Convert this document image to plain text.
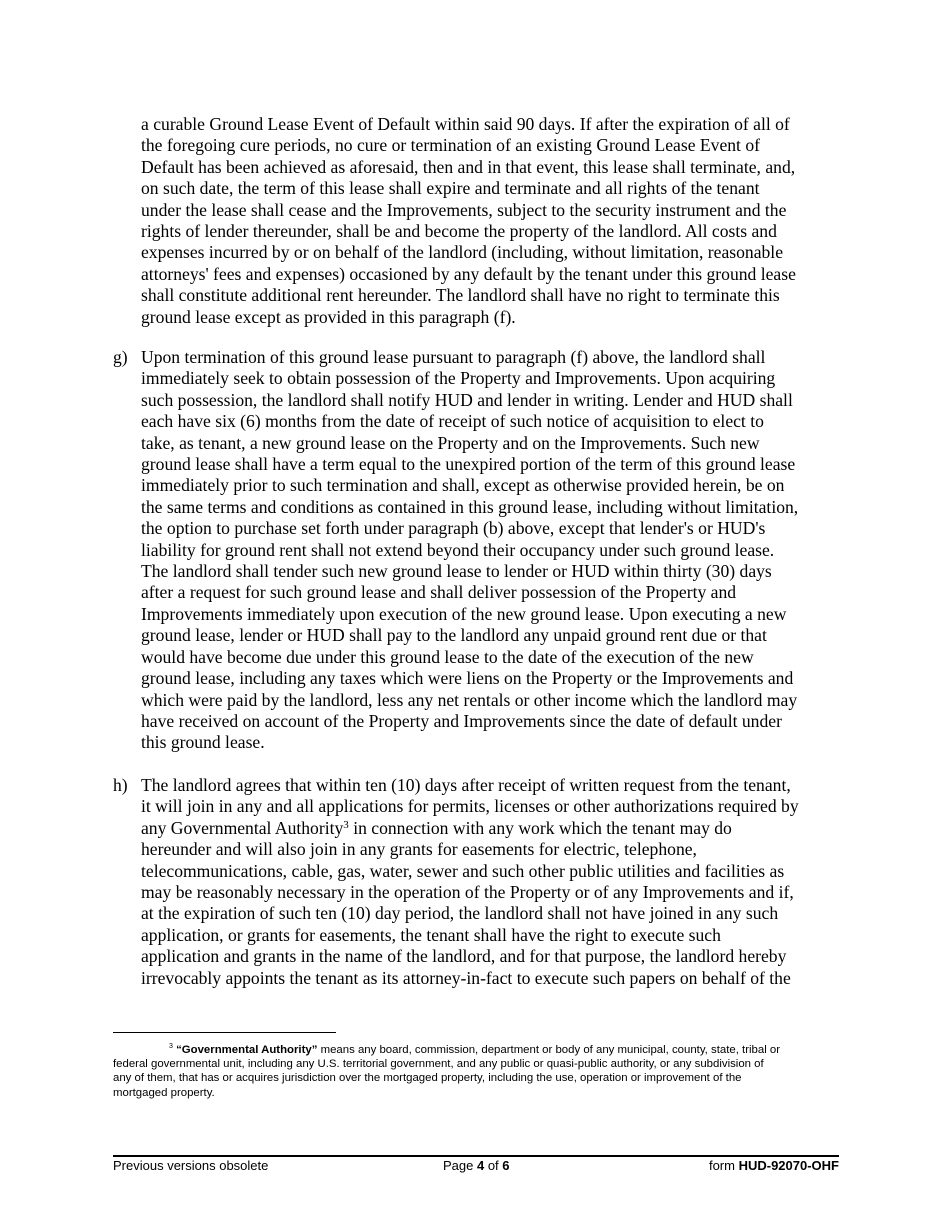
a curable Ground Lease Event of Default within said 90 days. If after the expiration of all of
the foregoing cure periods, no cure or termination of an existing Ground Lease Event of
Default has been achieved as aforesaid, then and in that event, this lease shall terminate, and,
on such date, the term of this lease shall expire and terminate and all rights of the tenant
under the lease shall cease and the Improvements, subject to the security instrument and the
rights of lender thereunder, shall be and become the property of the landlord. All costs and
expenses incurred by or on behalf of the landlord (including, without limitation, reasonable
attorneys' fees and expenses) occasioned by any default by the tenant under this ground lease
shall constitute additional rent hereunder. The landlord shall have no right to terminate this
ground lease except as provided in this paragraph (f).
g) Upon termination of this ground lease pursuant to paragraph (f) above, the landlord shall
immediately seek to obtain possession of the Property and Improvements. Upon acquiring
such possession, the landlord shall notify HUD and lender in writing. Lender and HUD shall
each have six (6) months from the date of receipt of such notice of acquisition to elect to
take, as tenant, a new ground lease on the Property and on the Improvements. Such new
ground lease shall have a term equal to the unexpired portion of the term of this ground lease
immediately prior to such termination and shall, except as otherwise provided herein, be on
the same terms and conditions as contained in this ground lease, including without limitation,
the option to purchase set forth under paragraph (b) above, except that lender's or HUD's
liability for ground rent shall not extend beyond their occupancy under such ground lease.
The landlord shall tender such new ground lease to lender or HUD within thirty (30) days
after a request for such ground lease and shall deliver possession of the Property and
Improvements immediately upon execution of the new ground lease. Upon executing a new
ground lease, lender or HUD shall pay to the landlord any unpaid ground rent due or that
would have become due under this ground lease to the date of the execution of the new
ground lease, including any taxes which were liens on the Property or the Improvements and
which were paid by the landlord, less any net rentals or other income which the landlord may
have received on account of the Property and Improvements since the date of default under
this ground lease.
h) The landlord agrees that within ten (10) days after receipt of written request from the tenant,
it will join in any and all applications for permits, licenses or other authorizations required by
any Governmental Authority$^3$ in connection with any work which the tenant may do
hereunder and will also join in any grants for easements for electric, telephone,
telecommunications, cable, gas, water, sewer and such other public utilities and facilities as
may be reasonably necessary in the operation of the Property or of any Improvements and if,
at the expiration of such ten (10) day period, the landlord shall not have joined in any such
application, or grants for easements, the tenant shall have the right to execute such
application and grants in the name of the landlord, and for that purpose, the landlord hereby
irrevocably appoints the tenant as its attorney-in-fact to execute such papers on behalf of the
$^3$ “Governmental Authority” means any board, commission, department or body of any municipal, county, state, tribal or
federal governmental unit, including any U.S. territorial government, and any public or quasi-public authority, or any subdivision of
any of them, that has or acquires jurisdiction over the mortgaged property, including the use, operation or improvement of the
mortgaged property.
Previous versions obsolete	Page 4 of 6	form HUD-92070-OHF
